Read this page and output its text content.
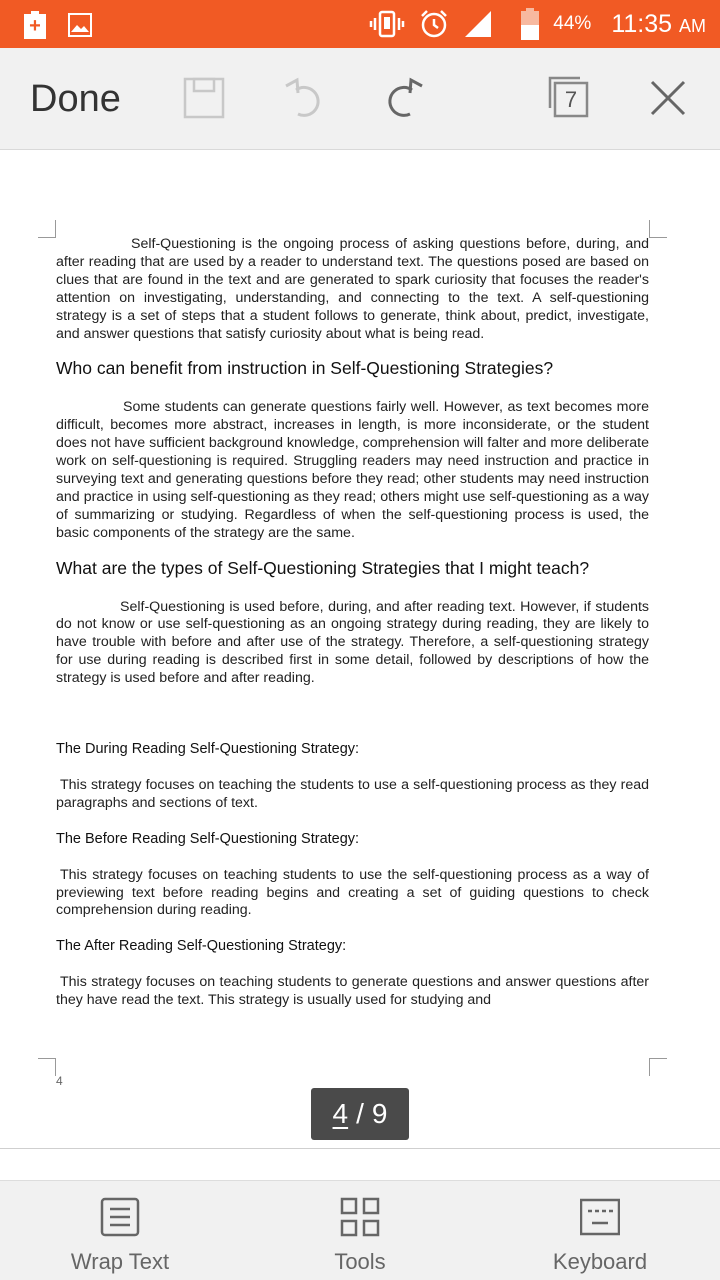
+	44% 11:35 AM
Done	7

Self-Questioning is the ongoing process of asking questions before, during, and after reading that are used by a reader to understand text. The questions posed are based on clues that are found in the text and are generated to spark curiosity that focuses the reader's attention on investigating, understanding, and connecting to the text. A self-questioning strategy is a set of steps that a student follows to generate, think about, predict, investigate, and answer questions that satisfy curiosity about what is being read.

Who can benefit from instruction in Self-Questioning Strategies?

Some students can generate questions fairly well. However, as text becomes more difficult, becomes more abstract, increases in length, is more inconsiderate, or the student does not have sufficient background knowledge, comprehension will falter and more deliberate work on self-questioning is required. Struggling readers may need instruction and practice in surveying text and generating questions before they read; other students may need instruction and practice in using self-questioning as they read; others might use self-questioning as a way of summarizing or studying. Regardless of when the self-questioning process is used, the basic components of the strategy are the same.

What are the types of Self-Questioning Strategies that I might teach?

Self-Questioning is used before, during, and after reading text. However, if students do not know or use self-questioning as an ongoing strategy during reading, they are likely to have trouble with before and after use of the strategy. Therefore, a self-questioning strategy for use during reading is described first in some detail, followed by descriptions of how the strategy is used before and after reading.

The During Reading Self-Questioning Strategy:

This strategy focuses on teaching the students to use a self-questioning process as they read paragraphs and sections of text.

The Before Reading Self-Questioning Strategy:

This strategy focuses on teaching students to use the self-questioning process as a way of previewing text before reading begins and creating a set of guiding questions to check comprehension during reading.

The After Reading Self-Questioning Strategy:

This strategy focuses on teaching students to generate questions and answer questions after they have read the text. This strategy is usually used for studying and

4
4 / 9
Wrap Text	Tools	Keyboard
